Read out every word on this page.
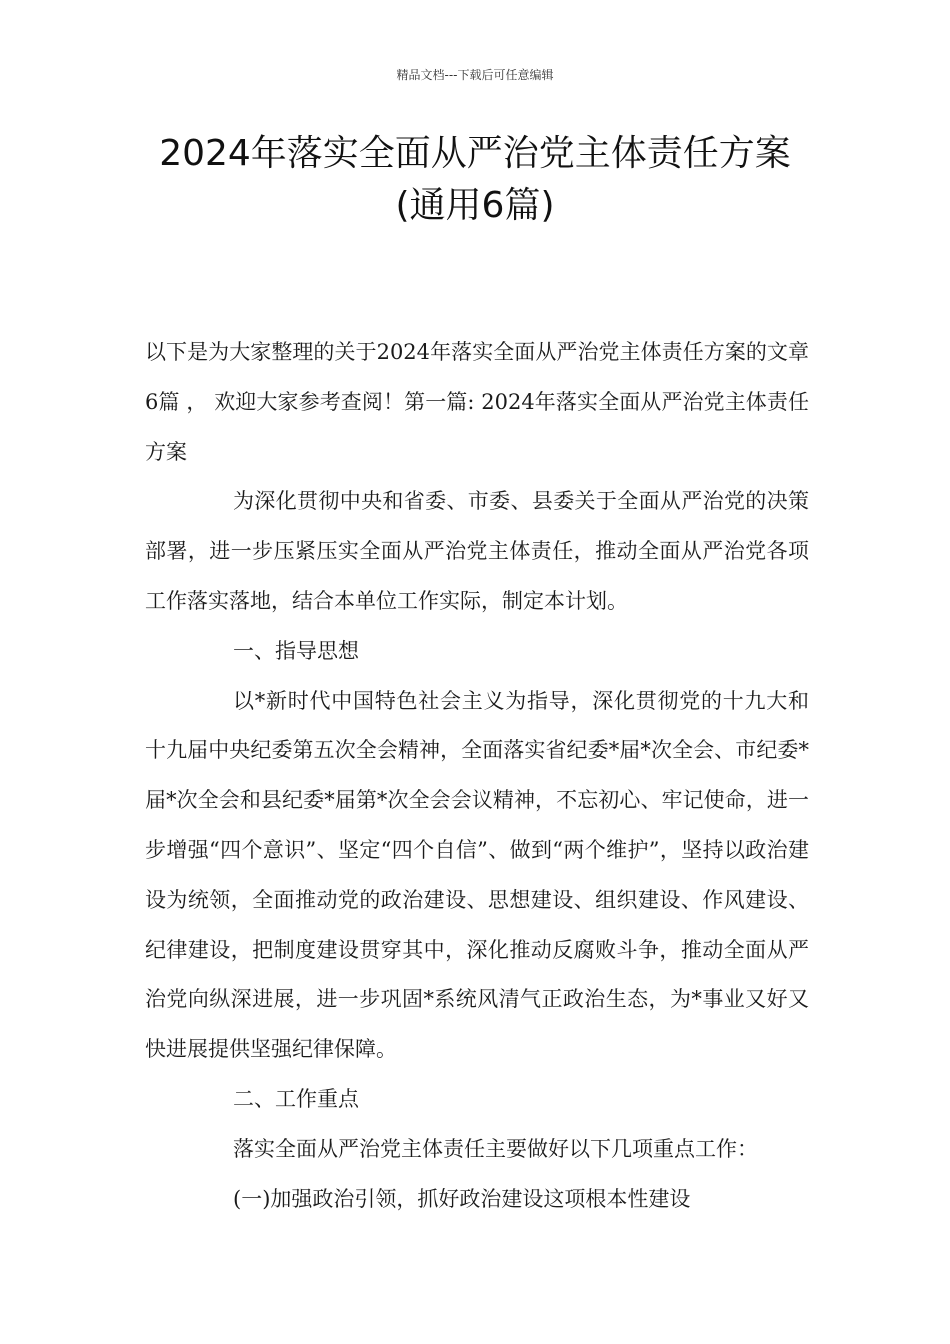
精品文档---下载后可任意编辑
2024年落实全面从严治党主体责任方案
(通用6篇)

以下是为大家整理的关于2024年落实全面从严治党主体责任方案的文章6篇 ， 欢迎大家参考查阅！第一篇: 2024年落实全面从严治党主体责任方案

为深化贯彻中央和省委、市委、县委关于全面从严治党的决策部署，进一步压紧压实全面从严治党主体责任，推动全面从严治党各项工作落实落地，结合本单位工作实际，制定本计划。

一、指导思想

以*新时代中国特色社会主义为指导，深化贯彻党的十九大和十九届中央纪委第五次全会精神，全面落实省纪委*届*次全会、市纪委*届*次全会和县纪委*届第*次全会会议精神，不忘初心、牢记使命，进一步增强“四个意识”、坚定“四个自信”、做到“两个维护”，坚持以政治建设为统领，全面推动党的政治建设、思想建设、组织建设、作风建设、纪律建设，把制度建设贯穿其中，深化推动反腐败斗争，推动全面从严治党向纵深进展，进一步巩固*系统风清气正政治生态，为*事业又好又快进展提供坚强纪律保障。

二、工作重点

落实全面从严治党主体责任主要做好以下几项重点工作：

(一)加强政治引领，抓好政治建设这项根本性建设
